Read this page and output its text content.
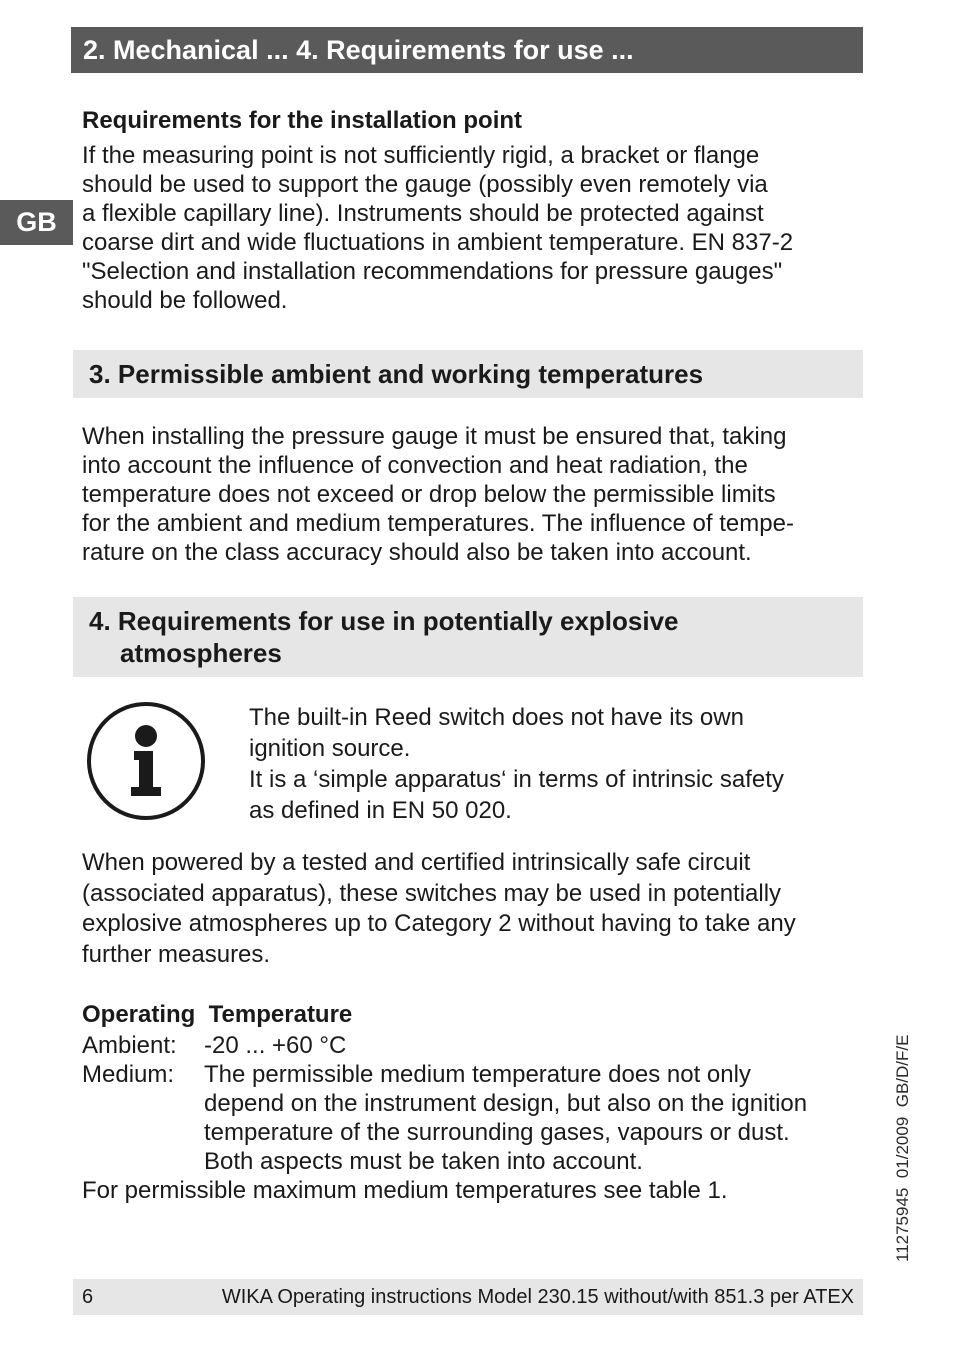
2. Mechanical ... 4. Requirements for use ...
GB
Requirements for the installation point
If the measuring point is not sufficiently rigid, a bracket or flange
should be used to support the gauge (possibly even remotely via
a flexible capillary line). Instruments should be protected against
coarse dirt and wide fluctuations in ambient temperature. EN 837-2
"Selection and installation recommendations for pressure gauges"
should be followed.
3. Permissible ambient and working temperatures
When installing the pressure gauge it must be ensured that, taking
into account the influence of convection and heat radiation, the
temperature does not exceed or drop below the permissible limits
for the ambient and medium temperatures. The influence of tempe-
rature on the class accuracy should also be taken into account.
4. Requirements for use in potentially explosive
atmospheres
The built-in Reed switch does not have its own
ignition source.
It is a ‘simple apparatus‘ in terms of intrinsic safety
as defined in EN 50 020.
When powered by a tested and certified intrinsically safe circuit
(associated apparatus), these switches may be used in potentially
explosive atmospheres up to Category 2 without having to take any
further measures.
Operating  Temperature
Ambient:	-20 ... +60 °C
Medium:	The permissible medium temperature does not only
depend on the instrument design, but also on the ignition
temperature of the surrounding gases, vapours or dust.
Both aspects must be taken into account.
For permissible maximum medium temperatures see table 1.	11275945  01/2009  GB/D/F/E
6	WIKA Operating instructions Model 230.15 without/with 851.3 per ATEX
